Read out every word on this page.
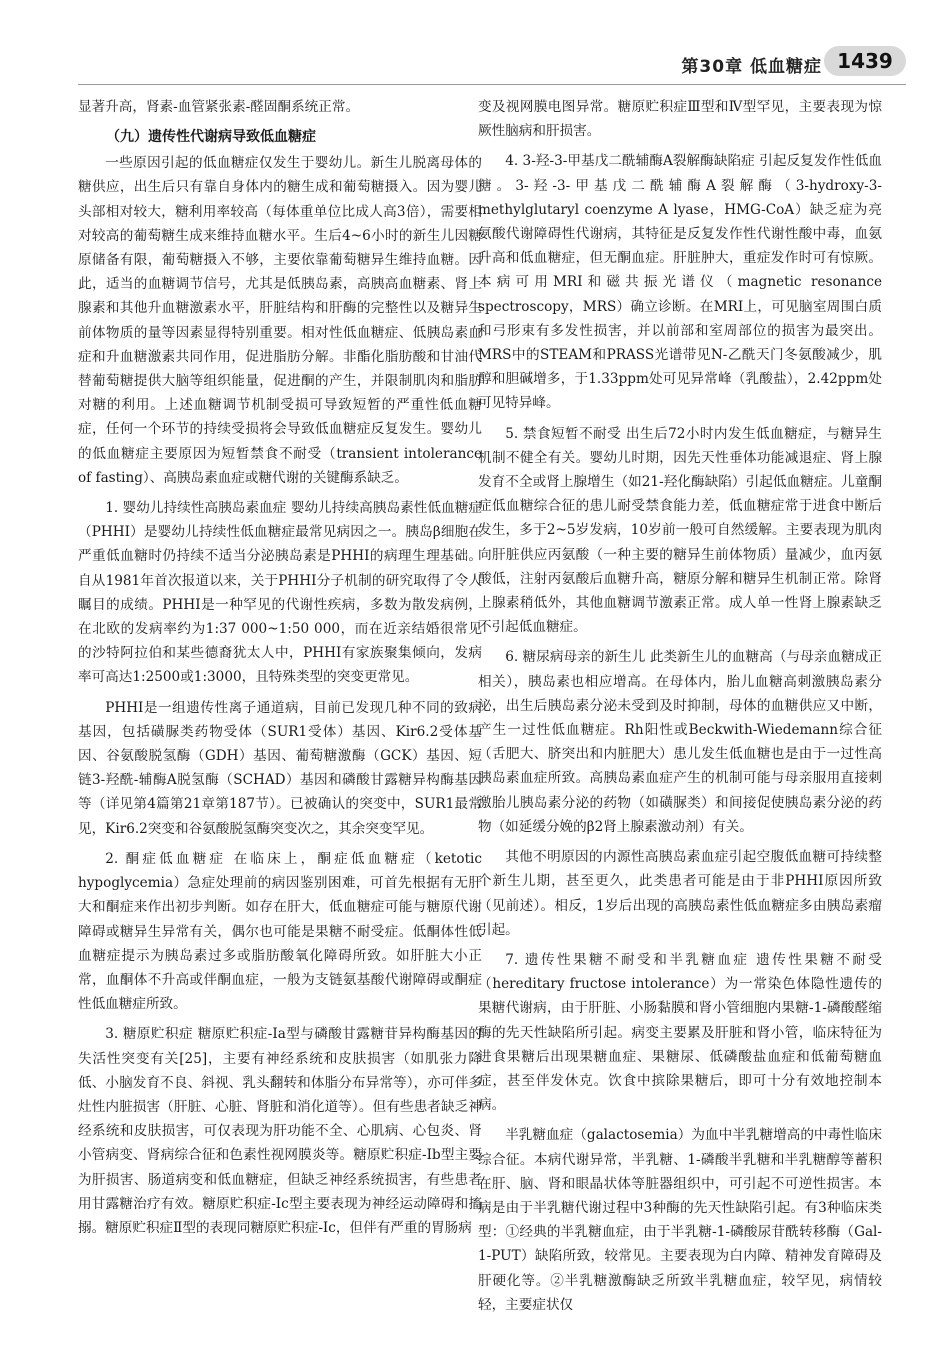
第30章 低血糖症 1439

显著升高，肾素-血管紧张素-醛固酮系统正常。

（九）遗传性代谢病导致低血糖症

一些原因引起的低血糖症仅发生于婴幼儿。新生儿脱离母体的糖供应，出生后只有靠自身体内的糖生成和葡萄糖摄入。因为婴儿头部相对较大，糖利用率较高（每体重单位比成人高3倍），需要相对较高的葡萄糖生成来维持血糖水平。生后4~6小时的新生儿因糖原储备有限，葡萄糖摄入不够，主要依靠葡萄糖异生维持血糖。因此，适当的血糖调节信号，尤其是低胰岛素，高胰高血糖素、肾上腺素和其他升血糖激素水平，肝脏结构和肝酶的完整性以及糖异生前体物质的量等因素显得特别重要。相对性低血糖症、低胰岛素血症和升血糖激素共同作用，促进脂肪分解。非酯化脂肪酸和甘油代替葡萄糖提供大脑等组织能量，促进酮的产生，并限制肌肉和脂肪对糖的利用。上述血糖调节机制受损可导致短暂的严重性低血糖症，任何一个环节的持续受损将会导致低血糖症反复发生。婴幼儿的低血糖症主要原因为短暂禁食不耐受（transient intolerance of fasting）、高胰岛素血症或糖代谢的关键酶系缺乏。

1. 婴幼儿持续性高胰岛素血症 婴幼儿持续高胰岛素性低血糖症（PHHI）是婴幼儿持续性低血糖症最常见病因之一。胰岛β细胞在严重低血糖时仍持续不适当分泌胰岛素是PHHI的病理生理基础。自从1981年首次报道以来，关于PHHI分子机制的研究取得了令人瞩目的成绩。PHHI是一种罕见的代谢性疾病，多数为散发病例，在北欧的发病率约为1:37 000~1:50 000，而在近亲结婚很常见的沙特阿拉伯和某些德裔犹太人中，PHHI有家族聚集倾向，发病率可高达1:2500或1:3000，且特殊类型的突变更常见。

PHHI是一组遗传性离子通道病，目前已发现几种不同的致病基因，包括磺脲类药物受体（SUR1受体）基因、Kir6.2受体基因、谷氨酸脱氢酶（GDH）基因、葡萄糖激酶（GCK）基因、短链3-羟酰-辅酶A脱氢酶（SCHAD）基因和磷酸甘露糖异构酶基因等（详见第4篇第21章第187节）。已被确认的突变中，SUR1最常见，Kir6.2突变和谷氨酸脱氢酶突变次之，其余突变罕见。

2. 酮症低血糖症 在临床上，酮症低血糖症（ketotic hypoglycemia）急症处理前的病因鉴别困难，可首先根据有无肝大和酮症来作出初步判断。如存在肝大，低血糖症可能与糖原代谢障碍或糖异生异常有关，偶尔也可能是果糖不耐受症。低酮体性低血糖症提示为胰岛素过多或脂肪酸氧化障碍所致。如肝脏大小正常，血酮体不升高或伴酮血症，一般为支链氨基酸代谢障碍或酮症性低血糖症所致。

3. 糖原贮积症 糖原贮积症-Ia型与磷酸甘露糖苷异构酶基因的失活性突变有关[25]，主要有神经系统和皮肤损害（如肌张力降低、小脑发育不良、斜视、乳头翻转和体脂分布异常等），亦可伴多灶性内脏损害（肝脏、心脏、肾脏和消化道等）。但有些患者缺乏神经系统和皮肤损害，可仅表现为肝功能不全、心肌病、心包炎、肾小管病变、肾病综合征和色素性视网膜炎等。糖原贮积症-Ib型主要为肝损害、肠道病变和低血糖症，但缺乏神经系统损害，有些患者用甘露糖治疗有效。糖原贮积症-Ic型主要表现为神经运动障碍和搐搦。糖原贮积症Ⅱ型的表现同糖原贮积症-Ic，但伴有严重的胃肠病

变及视网膜电图异常。糖原贮积症Ⅲ型和Ⅳ型罕见，主要表现为惊厥性脑病和肝损害。

4. 3-羟-3-甲基戊二酰辅酶A裂解酶缺陷症 引起反复发作性低血糖。3-羟-3-甲基戊二酰辅酶A裂解酶（3-hydroxy-3-methylglutaryl coenzyme A lyase，HMG-CoA）缺乏症为亮氨酸代谢障碍性代谢病，其特征是反复发作性代谢性酸中毒，血氨升高和低血糖症，但无酮血症。肝脏肿大，重症发作时可有惊厥。本病可用MRI和磁共振光谱仪（magnetic resonance spectroscopy，MRS）确立诊断。在MRI上，可见脑室周围白质和弓形束有多发性损害，并以前部和室周部位的损害为最突出。MRS中的STEAM和PRASS光谱带见N-乙酰天门冬氨酸减少，肌醇和胆碱增多，于1.33ppm处可见异常峰（乳酸盐），2.42ppm处可见特异峰。

5. 禁食短暂不耐受 出生后72小时内发生低血糖症，与糖异生机制不健全有关。婴幼儿时期，因先天性垂体功能减退症、肾上腺发育不全或肾上腺增生（如21-羟化酶缺陷）引起低血糖症。儿童酮症低血糖综合征的患儿耐受禁食能力差，低血糖症常于进食中断后发生，多于2~5岁发病，10岁前一般可自然缓解。主要表现为肌肉向肝脏供应丙氨酸（一种主要的糖异生前体物质）量减少，血丙氨酸低，注射丙氨酸后血糖升高，糖原分解和糖异生机制正常。除肾上腺素稍低外，其他血糖调节激素正常。成人单一性肾上腺素缺乏不引起低血糖症。

6. 糖尿病母亲的新生儿 此类新生儿的血糖高（与母亲血糖成正相关），胰岛素也相应增高。在母体内，胎儿血糖高刺激胰岛素分泌，出生后胰岛素分泌未受到及时抑制，母体的血糖供应又中断，产生一过性低血糖症。Rh阳性或Beckwith-Wiedemann综合征（舌肥大、脐突出和内脏肥大）患儿发生低血糖也是由于一过性高胰岛素血症所致。高胰岛素血症产生的机制可能与母亲服用直接刺激胎儿胰岛素分泌的药物（如磺脲类）和间接促使胰岛素分泌的药物（如延缓分娩的β2肾上腺素激动剂）有关。

其他不明原因的内源性高胰岛素血症引起空腹低血糖可持续整个新生儿期，甚至更久，此类患者可能是由于非PHHI原因所致（见前述）。相反，1岁后出现的高胰岛素性低血糖症多由胰岛素瘤引起。

7. 遗传性果糖不耐受和半乳糖血症 遗传性果糖不耐受（hereditary fructose intolerance）为一常染色体隐性遗传的果糖代谢病，由于肝脏、小肠黏膜和肾小管细胞内果糖-1-磷酸醛缩酶的先天性缺陷所引起。病变主要累及肝脏和肾小管，临床特征为进食果糖后出现果糖血症、果糖尿、低磷酸盐血症和低葡萄糖血症，甚至伴发休克。饮食中摈除果糖后，即可十分有效地控制本病。

半乳糖血症（galactosemia）为血中半乳糖增高的中毒性临床综合征。本病代谢异常，半乳糖、1-磷酸半乳糖和半乳糖醇等蓄积在肝、脑、肾和眼晶状体等脏器组织中，可引起不可逆性损害。本病是由于半乳糖代谢过程中3种酶的先天性缺陷引起。有3种临床类型：①经典的半乳糖血症，由于半乳糖-1-磷酸尿苷酰转移酶（Gal-1-PUT）缺陷所致，较常见。主要表现为白内障、精神发育障碍及肝硬化等。②半乳糖激酶缺乏所致半乳糖血症，较罕见，病情较轻，主要症状仅
